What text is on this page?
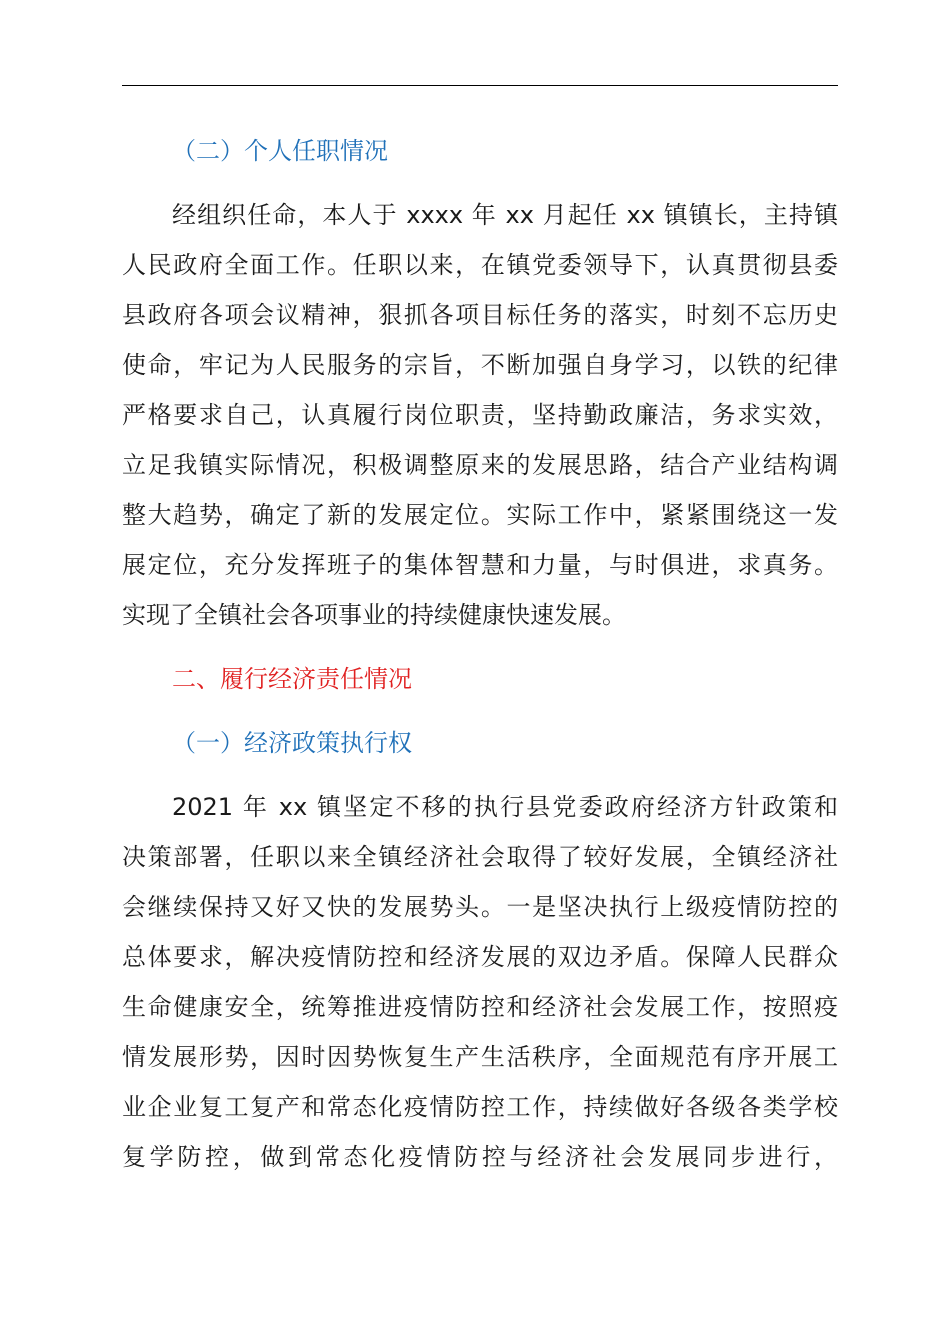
（二）个人任职情况

经组织任命，本人于 xxxx 年 xx 月起任 xx 镇镇长，主持镇
人民政府全面工作。任职以来，在镇党委领导下，认真贯彻县委
县政府各项会议精神，狠抓各项目标任务的落实，时刻不忘历史
使命，牢记为人民服务的宗旨，不断加强自身学习，以铁的纪律
严格要求自己，认真履行岗位职责，坚持勤政廉洁，务求实效，
立足我镇实际情况，积极调整原来的发展思路，结合产业结构调
整大趋势，确定了新的发展定位。实际工作中，紧紧围绕这一发
展定位，充分发挥班子的集体智慧和力量，与时俱进，求真务。
实现了全镇社会各项事业的持续健康快速发展。

二、履行经济责任情况

（一）经济政策执行权

2021 年 xx 镇坚定不移的执行县党委政府经济方针政策和
决策部署，任职以来全镇经济社会取得了较好发展，全镇经济社
会继续保持又好又快的发展势头。一是坚决执行上级疫情防控的
总体要求，解决疫情防控和经济发展的双边矛盾。保障人民群众
生命健康安全，统筹推进疫情防控和经济社会发展工作，按照疫
情发展形势，因时因势恢复生产生活秩序，全面规范有序开展工
业企业复工复产和常态化疫情防控工作，持续做好各级各类学校
复学防控，做到常态化疫情防控与经济社会发展同步进行，
